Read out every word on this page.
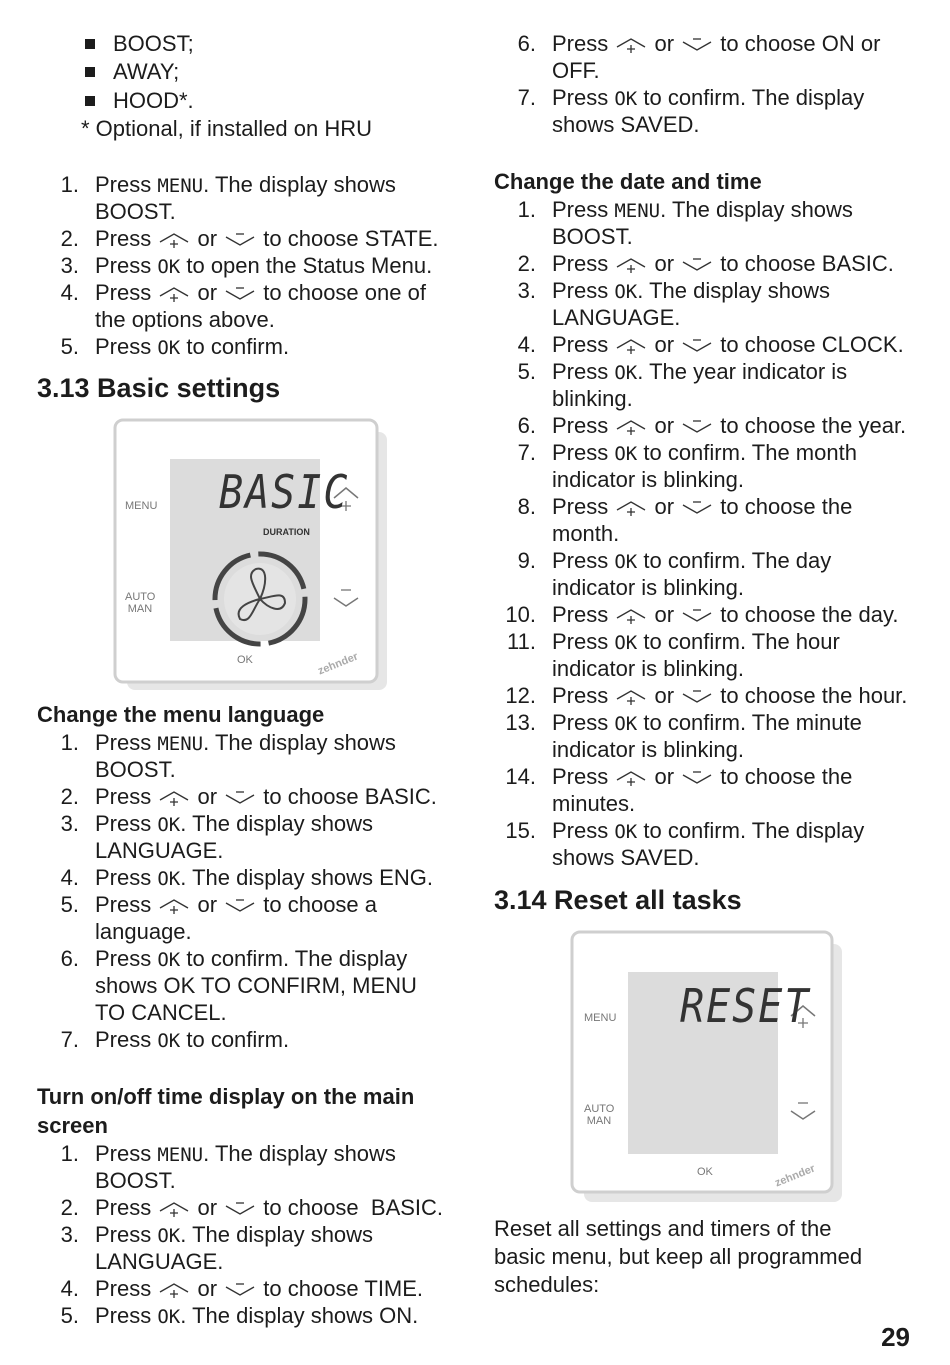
BOOST;
AWAY;
HOOD*.
* Optional, if installed on HRU
1. Press MENU. The display shows
BOOST.
2. Press
or
to choose STATE.
3. Press OK to open the Status Menu.
4. Press
or
to choose one of
the options above.
5. Press OK to confirm.
3.13 Basic settings
MENU
AUTO
MAN
OK
BASIC
DURATION
zehnder
Change the menu language
1. Press MENU. The display shows
BOOST.
2. Press
or
to choose BASIC.
3. Press OK. The display shows
LANGUAGE.
4. Press OK. The display shows ENG.
5. Press
or
to choose a
language.
6. Press OK to confirm. The display
shows OK TO CONFIRM, MENU
TO CANCEL.
7. Press OK to confirm.
Turn on/off time display on the main
screen
1. Press MENU. The display shows
BOOST.
2. Press
or
to choose  BASIC.
3. Press OK. The display shows
LANGUAGE.
4. Press
or
to choose TIME.
5. Press OK. The display shows ON.
6. Press
or
to choose ON or
OFF.
7. Press OK to confirm. The display
shows SAVED.
Change the date and time
1. Press MENU. The display shows
BOOST.
2. Press
or
to choose BASIC.
3. Press OK. The display shows
LANGUAGE.
4. Press
or
to choose CLOCK.
5. Press OK. The year indicator is
blinking.
6. Press
or
to choose the year.
7. Press OK to confirm. The month
indicator is blinking.
8. Press
or
to choose the
month.
9. Press OK to confirm. The day
indicator is blinking.
10. Press
or
to choose the day.
11. Press OK to confirm. The hour
indicator is blinking.
12. Press
or
to choose the hour.
13. Press OK to confirm. The minute
indicator is blinking.
14. Press
or
to choose the
minutes.
15. Press OK to confirm. The display
shows SAVED.
3.14 Reset all tasks
MENU
AUTO
MAN
OK
RESET
zehnder
Reset all settings and timers of the
basic menu, but keep all programmed
schedules:
29
